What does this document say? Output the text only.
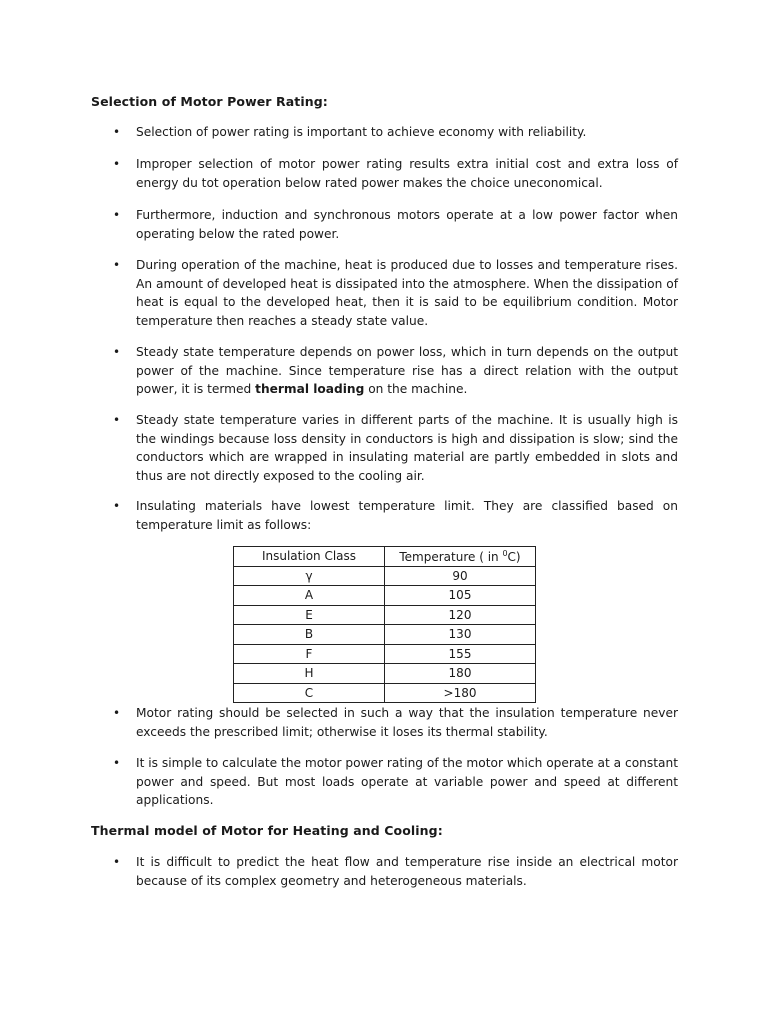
Selection of Motor Power Rating:
• Selection of power rating is important to achieve economy with reliability.
• Improper selection of motor power rating results extra initial cost and extra loss of energy du tot operation below rated power makes the choice uneconomical.
• Furthermore, induction and synchronous motors operate at a low power factor when operating below the rated power.
• During operation of the machine, heat is produced due to losses and temperature rises. An amount of developed heat is dissipated into the atmosphere. When the dissipation of heat is equal to the developed heat, then it is said to be equilibrium condition. Motor temperature then reaches a steady state value.
• Steady state temperature depends on power loss, which in turn depends on the output power of the machine. Since temperature rise has a direct relation with the output power, it is termed thermal loading on the machine.
• Steady state temperature varies in different parts of the machine. It is usually high is the windings because loss density in conductors is high and dissipation is slow; sind the conductors which are wrapped in insulating material are partly embedded in slots and thus are not directly exposed to the cooling air.
• Insulating materials have lowest temperature limit. They are classified based on temperature limit as follows:
Insulation Class	Temperature ( in $^0$C)
γ	90
A	105
E	120
B	130
F	155
H	180
C	>180
• Motor rating should be selected in such a way that the insulation temperature never exceeds the prescribed limit; otherwise it loses its thermal stability.
• It is simple to calculate the motor power rating of the motor which operate at a constant power and speed. But most loads operate at variable power and speed at different applications.
Thermal model of Motor for Heating and Cooling:
• It is difficult to predict the heat flow and temperature rise inside an electrical motor because of its complex geometry and heterogeneous materials.
